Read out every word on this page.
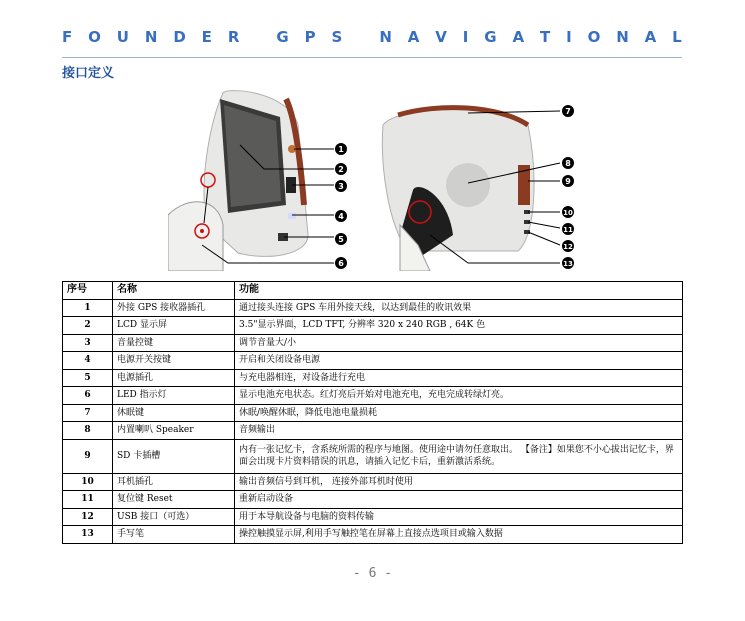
F O U N D E R
G P S
N A V I G A T I O N A L
接口定义
1
2
3
4
5
6
7
8
9
10
11
12
13
序号	名称	功能
1	外接 GPS 接收器插孔	通过接头连接 GPS 车用外接天线，以达到最佳的收讯效果
2	LCD 显示屏	3.5"显示界面，LCD TFT, 分辨率 320 x 240 RGB , 64K 色
3	音量控键	调节音量大/小
4	电源开关按键	开启和关闭设备电源
5	电源插孔	与充电器相连，对设备进行充电
6	LED 指示灯	显示电池充电状态。红灯亮后开始对电池充电，充电完成转绿灯亮。
7	休眠键	休眠/唤醒休眠，降低电池电量损耗
8	内置喇叭 Speaker	音频输出
9	SD 卡插槽	内有一张记忆卡，含系统所需的程序与地图。使用途中请勿任意取出。 【备注】如果您不小心拔出记忆卡，界面会出现卡片资料错误的讯息，请插入记忆卡后，重新激活系统。
10	耳机插孔	输出音频信号到耳机， 连接外部耳机时使用
11	复位键 Reset	重新启动设备
12	USB 接口（可选）	用于本导航设备与电脑的资料传输
13	手写笔	操控触摸显示屏,利用手写触控笔在屏幕上直接点选项目或输入数据
- 6 -
